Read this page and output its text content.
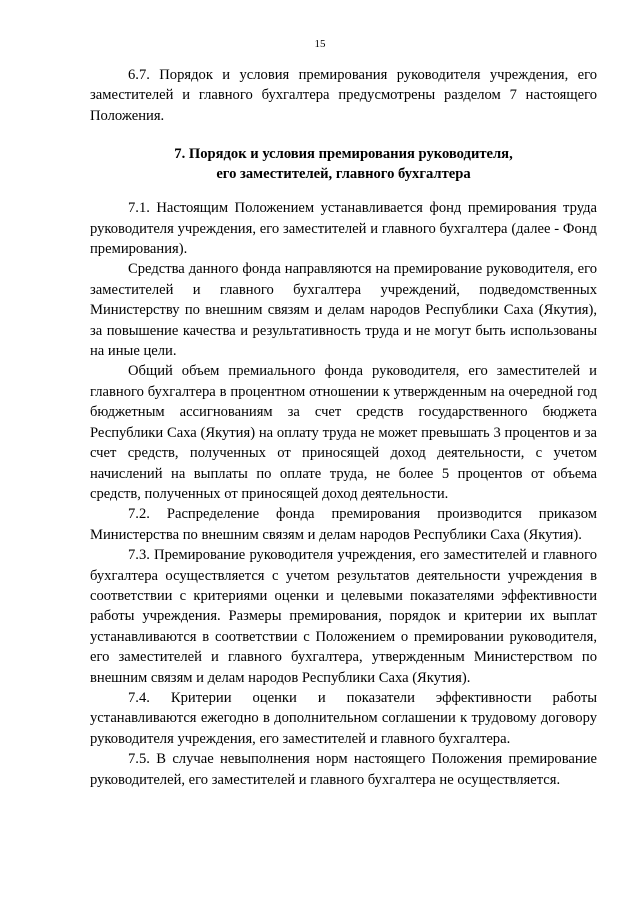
15

6.7. Порядок и условия премирования руководителя учреждения, его заместителей и главного бухгалтера предусмотрены разделом 7 настоящего Положения.

7. Порядок и условия премирования руководителя,
его заместителей, главного бухгалтера

7.1. Настоящим Положением устанавливается фонд премирования труда руководителя учреждения, его заместителей и главного бухгалтера (далее - Фонд премирования).

Средства данного фонда направляются на премирование руководителя, его заместителей и главного бухгалтера учреждений, подведомственных Министерству по внешним связям и делам народов Республики Саха (Якутия), за повышение качества и результативность труда и не могут быть использованы на иные цели.

Общий объем премиального фонда руководителя, его заместителей и главного бухгалтера в процентном отношении к утвержденным на очередной год бюджетным ассигнованиям за счет средств государственного бюджета Республики Саха (Якутия) на оплату труда не может превышать 3 процентов и за счет средств, полученных от приносящей доход деятельности, с учетом начислений на выплаты по оплате труда, не более 5 процентов от объема средств, полученных от приносящей доход деятельности.

7.2. Распределение фонда премирования производится приказом Министерства по внешним связям и делам народов Республики Саха (Якутия).

7.3. Премирование руководителя учреждения, его заместителей и главного бухгалтера осуществляется с учетом результатов деятельности учреждения в соответствии с критериями оценки и целевыми показателями эффективности работы учреждения. Размеры премирования, порядок и критерии их выплат устанавливаются в соответствии с Положением о премировании руководителя, его заместителей и главного бухгалтера, утвержденным Министерством по внешним связям и делам народов Республики Саха (Якутия).

7.4. Критерии оценки и показатели эффективности работы устанавливаются ежегодно в дополнительном соглашении к трудовому договору руководителя учреждения, его заместителей и главного бухгалтера.

7.5. В случае невыполнения норм настоящего Положения премирование руководителей, его заместителей и главного бухгалтера не осуществляется.
